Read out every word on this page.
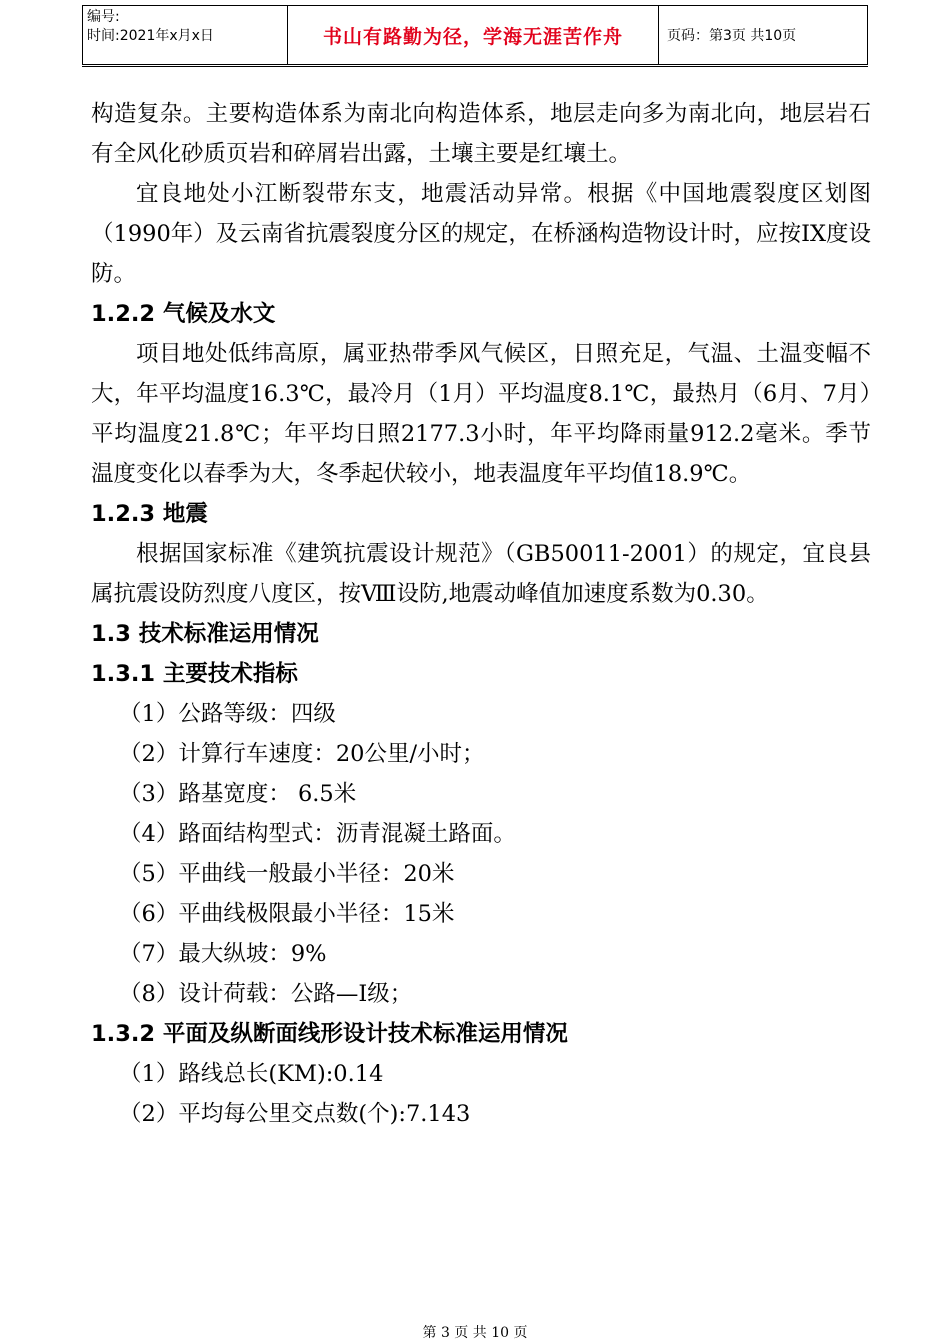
编号:
时间:2021年x月x日	书山有路勤为径，学海无涯苦作舟	页码：第3页 共10页

构造复杂。主要构造体系为南北向构造体系，地层走向多为南北向，地层岩石有全风化砂质页岩和碎屑岩出露，土壤主要是红壤土。

宜良地处小江断裂带东支，地震活动异常。根据《中国地震裂度区划图（1990年）及云南省抗震裂度分区的规定，在桥涵构造物设计时，应按IX度设防。

1.2.2 气候及水文

项目地处低纬高原，属亚热带季风气候区，日照充足，气温、土温变幅不大，年平均温度16.3℃，最冷月（1月）平均温度8.1℃，最热月（6月、7月）平均温度21.8℃；年平均日照2177.3小时，年平均降雨量912.2毫米。季节温度变化以春季为大，冬季起伏较小，地表温度年平均值18.9℃。

1.2.3 地震

根据国家标准《建筑抗震设计规范》（GB50011-2001）的规定，宜良县属抗震设防烈度八度区，按Ⅷ设防,地震动峰值加速度系数为0.30。

1.3 技术标准运用情况

1.3.1 主要技术指标

（1）公路等级：四级

（2）计算行车速度：20公里/小时；

（3）路基宽度： 6.5米

（4）路面结构型式：沥青混凝土路面。

（5）平曲线一般最小半径：20米

（6）平曲线极限最小半径：15米

（7）最大纵坡：9%

（8）设计荷载：公路—Ⅰ级；

1.3.2 平面及纵断面线形设计技术标准运用情况

（1）路线总长(KM):0.14

（2）平均每公里交点数(个):7.143

第 3 页 共 10 页
